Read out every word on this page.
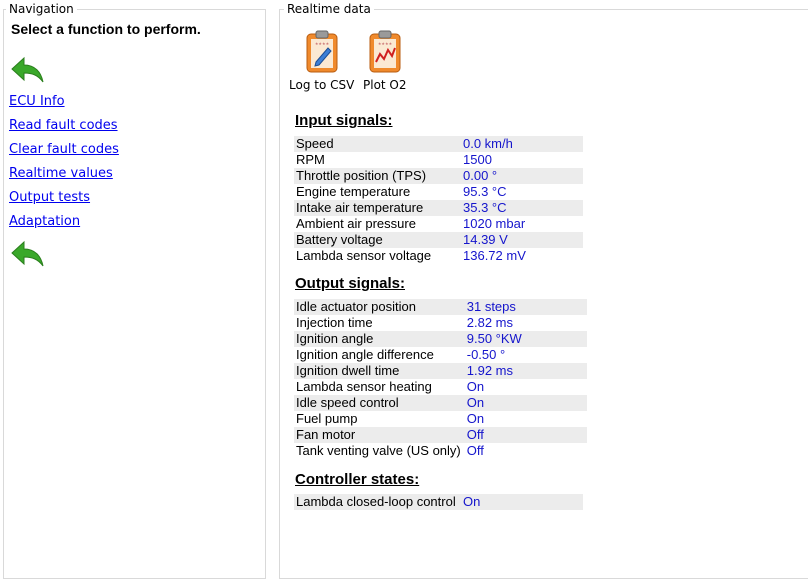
Navigation
Select a function to perform.
ECU Info
Read fault codes
Clear fault codes
Realtime values
Output tests
Adaptation
Realtime data
★★★★
Log to CSV
★★★★
Plot O2
Input signals:
Speed	0.0 km/h
RPM	1500
Throttle position (TPS)	0.00 °
Engine temperature	95.3 °C
Intake air temperature	35.3 °C
Ambient air pressure	1020 mbar
Battery voltage	14.39 V
Lambda sensor voltage	136.72 mV
Output signals:
Idle actuator position	31 steps
Injection time	2.82 ms
Ignition angle	9.50 °KW
Ignition angle difference	-0.50 °
Ignition dwell time	1.92 ms
Lambda sensor heating	On
Idle speed control	On
Fuel pump	On
Fan motor	Off
Tank venting valve (US only)	Off
Controller states:
Lambda closed-loop control	On
